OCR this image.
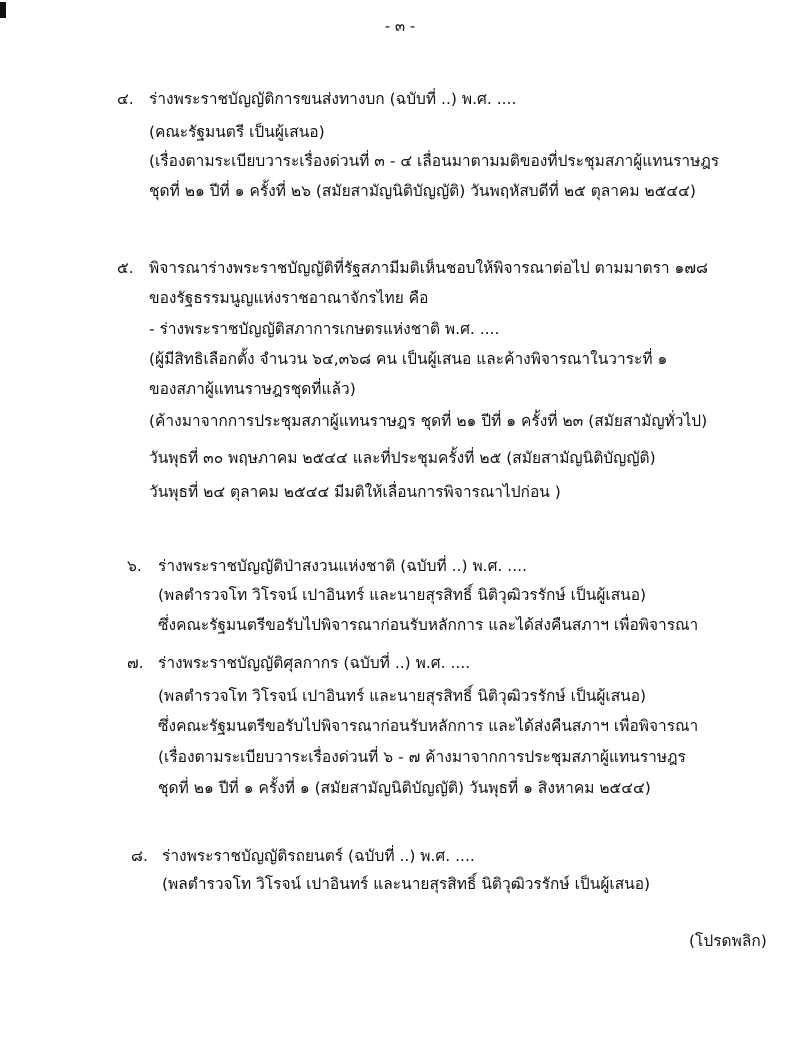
- ๓ -
๔. ร่างพระราชบัญญัติการขนส่งทางบก (ฉบับที่ ..) พ.ศ. ....
(คณะรัฐมนตรี เป็นผู้เสนอ)
(เรื่องตามระเบียบวาระเรื่องด่วนที่ ๓ - ๔ เลื่อนมาตามมติของที่ประชุมสภาผู้แทนราษฎร
ชุดที่ ๒๑ ปีที่ ๑ ครั้งที่ ๒๖ (สมัยสามัญนิติบัญญัติ) วันพฤหัสบดีที่ ๒๕ ตุลาคม ๒๕๔๔)
๕. พิจารณาร่างพระราชบัญญัติที่รัฐสภามีมติเห็นชอบให้พิจารณาต่อไป ตามมาตรา ๑๗๘
ของรัฐธรรมนูญแห่งราชอาณาจักรไทย คือ
- ร่างพระราชบัญญัติสภาการเกษตรแห่งชาติ พ.ศ. ....
(ผู้มีสิทธิเลือกตั้ง จำนวน ๖๔,๓๖๘ คน เป็นผู้เสนอ และค้างพิจารณาในวาระที่ ๑
ของสภาผู้แทนราษฎรชุดที่แล้ว)
(ค้างมาจากการประชุมสภาผู้แทนราษฎร ชุดที่ ๒๑ ปีที่ ๑ ครั้งที่ ๒๓ (สมัยสามัญทั่วไป)
วันพุธที่ ๓๐ พฤษภาคม ๒๕๔๔ และที่ประชุมครั้งที่ ๒๕ (สมัยสามัญนิติบัญญัติ)
วันพุธที่ ๒๔ ตุลาคม ๒๕๔๔ มีมติให้เลื่อนการพิจารณาไปก่อน )
๖. ร่างพระราชบัญญัติป่าสงวนแห่งชาติ (ฉบับที่ ..) พ.ศ. ....
(พลตำรวจโท วิโรจน์ เปาอินทร์ และนายสุรสิทธิ์ นิติวุฒิวรรักษ์ เป็นผู้เสนอ)
ซึ่งคณะรัฐมนตรีขอรับไปพิจารณาก่อนรับหลักการ และได้ส่งคืนสภาฯ เพื่อพิจารณา
๗. ร่างพระราชบัญญัติศุลกากร (ฉบับที่ ..) พ.ศ. ....
(พลตำรวจโท วิโรจน์ เปาอินทร์ และนายสุรสิทธิ์ นิติวุฒิวรรักษ์ เป็นผู้เสนอ)
ซึ่งคณะรัฐมนตรีขอรับไปพิจารณาก่อนรับหลักการ และได้ส่งคืนสภาฯ เพื่อพิจารณา
(เรื่องตามระเบียบวาระเรื่องด่วนที่ ๖ - ๗ ค้างมาจากการประชุมสภาผู้แทนราษฎร
ชุดที่ ๒๑ ปีที่ ๑ ครั้งที่ ๑ (สมัยสามัญนิติบัญญัติ) วันพุธที่ ๑ สิงหาคม ๒๕๔๔)
๘. ร่างพระราชบัญญัติรถยนตร์ (ฉบับที่ ..) พ.ศ. ....
(พลตำรวจโท วิโรจน์ เปาอินทร์ และนายสุรสิทธิ์ นิติวุฒิวรรักษ์ เป็นผู้เสนอ)
(โปรดพลิก)
